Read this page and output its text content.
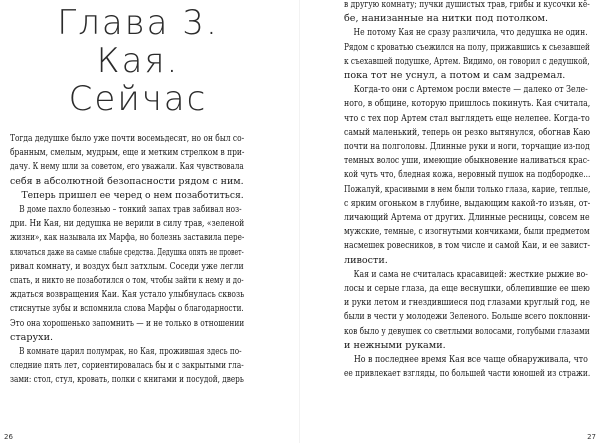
Глава 3. Кая.
Сейчас

Тогда дедушке было уже почти восемьдесят, но он был со-

бранным, смелым, мудрым, еще и метким стрелком в при-

дачу. К нему шли за советом, его уважали. Кая чувствовала

себя в абсолютной безопасности рядом с ним.

Теперь пришел ее черед о нем позаботиться.

В доме пахло болезнью – тонкий запах трав забивал ноз-

дри. Ни Кая, ни дедушка не верили в силу трав, «зеленой

жизни», как называла их Марфа, но болезнь заставила пере-

ключаться даже на самые слабые средства. Дедушка опять не провет-

ривал комнату, и воздух был затхлым. Соседи уже легли

спать, и никто не позаботился о том, чтобы зайти к нему и до-

ждаться возвращения Каи. Кая устало улыбнулась сквозь

стиснутые зубы и вспомнила слова Марфы о благодарности.

Это она хорошенько запомнить — и не только в отношении

старухи.

В комнате царил полумрак, но Кая, прожившая здесь по-

следние пять лет, сориентировалась бы и с закрытыми гла-

зами: стол, стул, кровать, полки с книгами и посудой, дверь

26

в другую комнату; пучки душистых трав, грибы и кусочки кё-

бе, нанизанные на нитки под потолком.

Не потому Кая не сразу различила, что дедушка не один.

Рядом с кроватью съежился на полу, прижавшись к сьезавшей

к съехавшей подушке, Артем. Видимо, он говорил с дедушкой,

пока тот не уснул, а потом и сам задремал.

Когда-то они с Артемом росли вместе — далеко от Зеле-

ного, в общине, которую пришлось покинуть. Кая считала,

что с тех пор Артем стал выглядеть еще нелепее. Когда-то

самый маленький, теперь он резко вытянулся, обогнав Каю

почти на полголовы. Длинные руки и ноги, торчащие из-под

темных волос уши, имеющие обыкновение наливаться крас-

кой чуть что, бледная кожа, неровный пушок на подбородке...

Пожалуй, красивыми в нем были только глаза, карие, теплые,

с ярким огоньком в глубине, выдающим какой-то изъян, от-

личающий Артема от других. Длинные ресницы, совсем не

мужские, темные, с изогнутыми кончиками, были предметом

насмешек ровесников, в том числе и самой Каи, и ее завист-

ливости.

Кая и сама не считалась красавицей: жесткие рыжие во-

лосы и серые глаза, да еще веснушки, облепившие ее шею

и руки летом и гнездившиеся под глазами круглый год, не

были в чести у молодежи Зеленого. Больше всего поклонни-

ков было у девушек со светлыми волосами, голубыми глазами

и нежными руками.

Но в последнее время Кая все чаще обнаруживала, что

ее привлекает взгляды, по большей части юношей из стражи.

27
